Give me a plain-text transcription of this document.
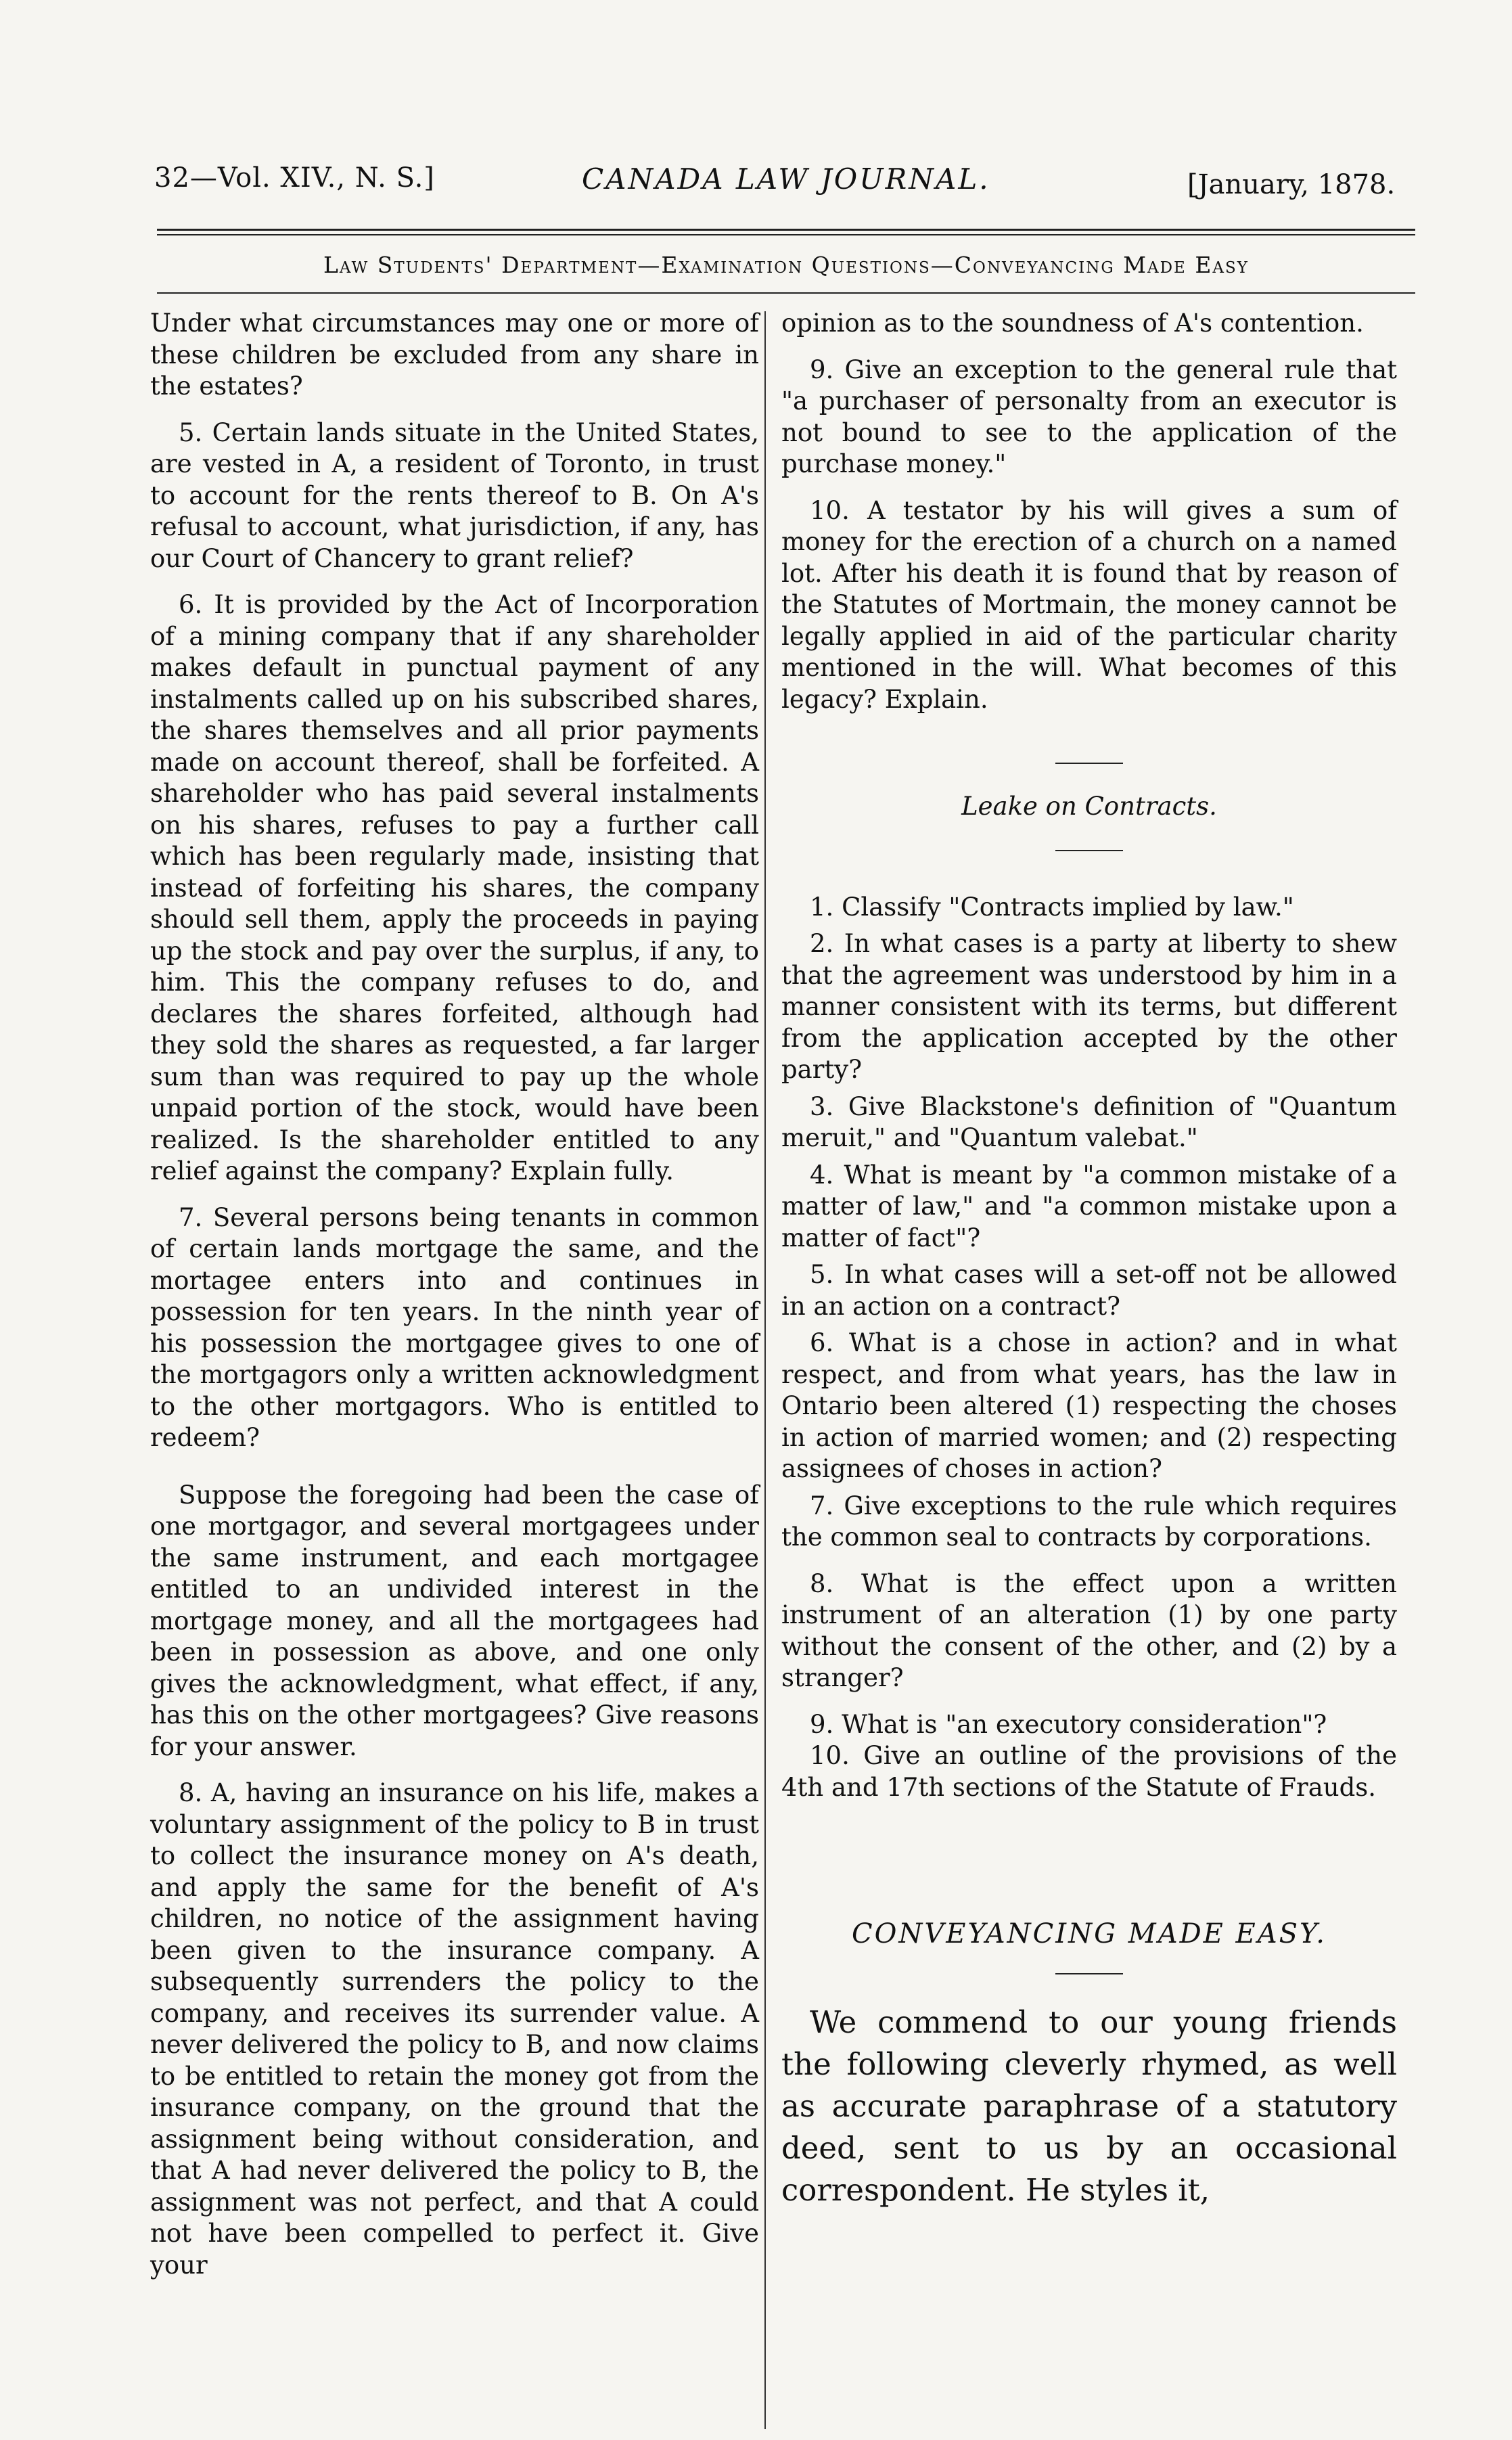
32—Vol. XIV., N. S.]	CANADA LAW JOURNAL.	[January, 1878.
Law Students' Department—Examination Questions—Conveyancing Made Easy

Under what circumstances may one or more of these children be excluded from any share in the estates?

5. Certain lands situate in the United States, are vested in A, a resident of Toronto, in trust to account for the rents thereof to B. On A's refusal to account, what jurisdiction, if any, has our Court of Chancery to grant relief?

6. It is provided by the Act of Incorporation of a mining company that if any shareholder makes default in punctual payment of any instalments called up on his subscribed shares, the shares themselves and all prior payments made on account thereof, shall be forfeited. A shareholder who has paid several instalments on his shares, refuses to pay a further call which has been regularly made, insisting that instead of forfeiting his shares, the company should sell them, apply the proceeds in paying up the stock and pay over the surplus, if any, to him. This the company refuses to do, and declares the shares forfeited, although had they sold the shares as requested, a far larger sum than was required to pay up the whole unpaid portion of the stock, would have been realized. Is the shareholder entitled to any relief against the company? Explain fully.

7. Several persons being tenants in common of certain lands mortgage the same, and the mortagee enters into and continues in possession for ten years. In the ninth year of his possession the mortgagee gives to one of the mortgagors only a written acknowledgment to the other mortgagors. Who is entitled to redeem?

Suppose the foregoing had been the case of one mortgagor, and several mortgagees under the same instrument, and each mortgagee entitled to an undivided interest in the mortgage money, and all the mortgagees had been in possession as above, and one only gives the acknowledgment, what effect, if any, has this on the other mortgagees? Give reasons for your answer.

8. A, having an insurance on his life, makes a voluntary assignment of the policy to B in trust to collect the insurance money on A's death, and apply the same for the benefit of A's children, no notice of the assignment having been given to the insurance company. A subsequently surrenders the policy to the company, and receives its surrender value. A never delivered the policy to B, and now claims to be entitled to retain the money got from the insurance company, on the ground that the assignment being without consideration, and that A had never delivered the policy to B, the assignment was not perfect, and that A could not have been compelled to perfect it. Give your

opinion as to the soundness of A's contention.

9. Give an exception to the general rule that "a purchaser of personalty from an executor is not bound to see to the application of the purchase money."

10. A testator by his will gives a sum of money for the erection of a church on a named lot. After his death it is found that by reason of the Statutes of Mortmain, the money cannot be legally applied in aid of the particular charity mentioned in the will. What becomes of this legacy? Explain.

Leake on Contracts.

1. Classify "Contracts implied by law."

2. In what cases is a party at liberty to shew that the agreement was understood by him in a manner consistent with its terms, but different from the application accepted by the other party?

3. Give Blackstone's definition of "Quantum meruit," and "Quantum valebat."

4. What is meant by "a common mistake of a matter of law," and "a common mistake upon a matter of fact"?

5. In what cases will a set-off not be allowed in an action on a contract?

6. What is a chose in action? and in what respect, and from what years, has the law in Ontario been altered (1) respecting the choses in action of married women; and (2) respecting assignees of choses in action?

7. Give exceptions to the rule which requires the common seal to contracts by corporations.

8. What is the effect upon a written instrument of an alteration (1) by one party without the consent of the other, and (2) by a stranger?

9. What is "an executory consideration"?

10. Give an outline of the provisions of the 4th and 17th sections of the Statute of Frauds.

CONVEYANCING MADE EASY.

We commend to our young friends the following cleverly rhymed, as well as accurate paraphrase of a statutory deed, sent to us by an occasional correspondent. He styles it,
